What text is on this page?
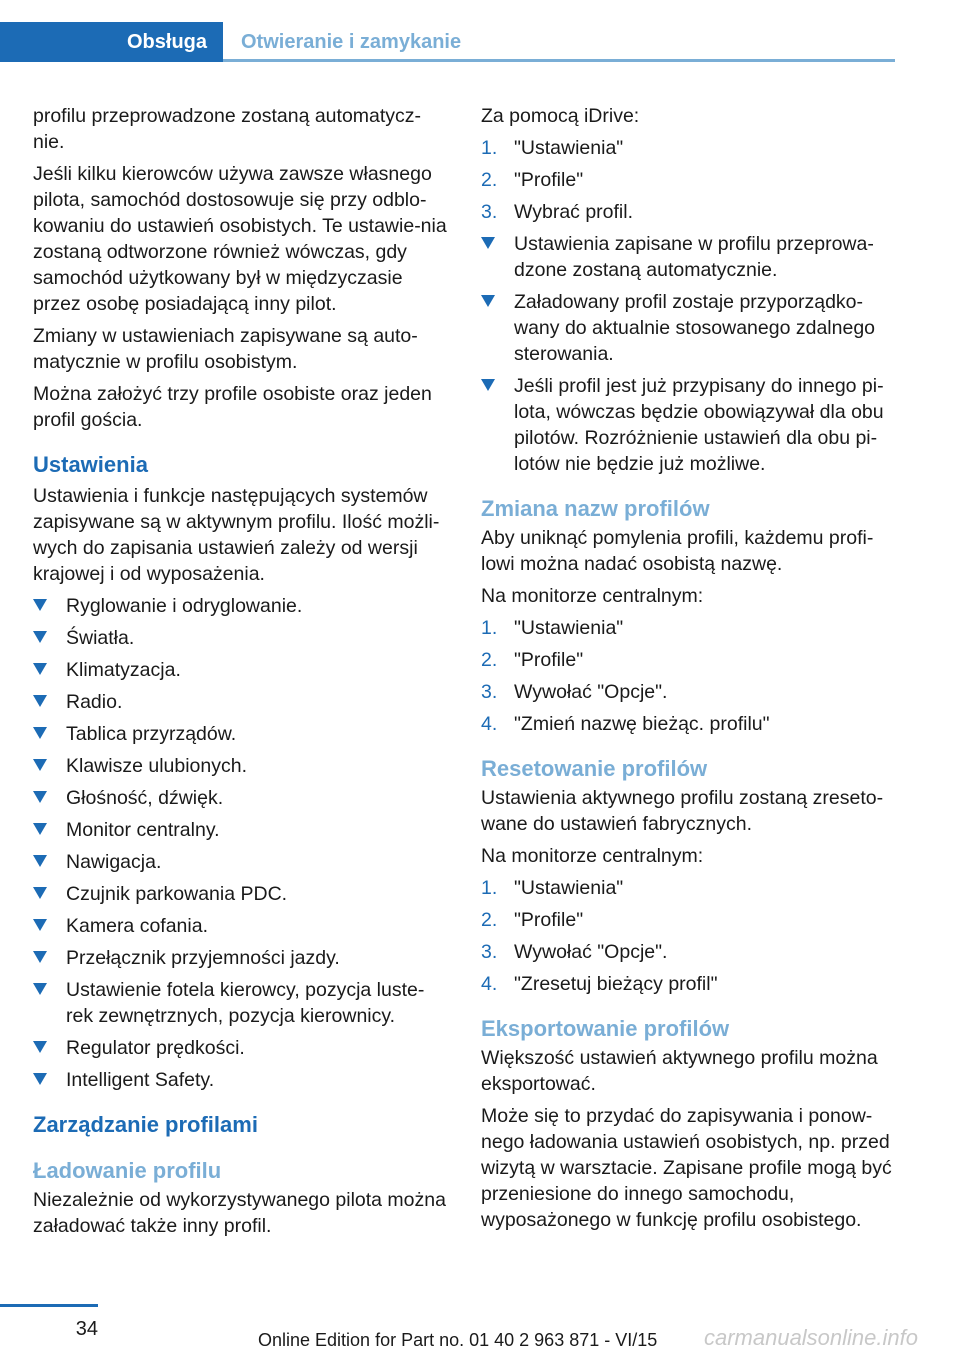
Obsługa	Otwieranie i zamykanie

profilu przeprowadzone zostaną automatycz-nie.

Jeśli kilku kierowców używa zawsze własnego pilota, samochód dostosowuje się przy odblo-kowaniu do ustawień osobistych. Te ustawie-nia zostaną odtworzone również wówczas, gdy samochód użytkowany był w międzyczasie przez osobę posiadającą inny pilot.

Zmiany w ustawieniach zapisywane są auto-matycznie w profilu osobistym.

Można założyć trzy profile osobiste oraz jeden profil gościa.

Ustawienia

Ustawienia i funkcje następujących systemów zapisywane są w aktywnym profilu. Ilość możli-wych do zapisania ustawień zależy od wersji krajowej i od wyposażenia.

Ryglowanie i odryglowanie.
Światła.
Klimatyzacja.
Radio.
Tablica przyrządów.
Klawisze ulubionych.
Głośność, dźwięk.
Monitor centralny.
Nawigacja.
Czujnik parkowania PDC.
Kamera cofania.
Przełącznik przyjemności jazdy.
Ustawienie fotela kierowcy, pozycja luste-rek zewnętrznych, pozycja kierownicy.
Regulator prędkości.
Intelligent Safety.
Zarządzanie profilami
Ładowanie profilu

Niezależnie od wykorzystywanego pilota można załadować także inny profil.

Za pomocą iDrive:

1. "Ustawienia"
2. "Profile"
3. Wybrać profil.
Ustawienia zapisane w profilu przeprowa-dzone zostaną automatycznie.
Załadowany profil zostaje przyporządko-wany do aktualnie stosowanego zdalnego sterowania.
Jeśli profil jest już przypisany do innego pi-lota, wówczas będzie obowiązywał dla obu pilotów. Rozróżnienie ustawień dla obu pi-lotów nie będzie już możliwe.
Zmiana nazw profilów

Aby uniknąć pomylenia profili, każdemu profi-lowi można nadać osobistą nazwę.

Na monitorze centralnym:

1. "Ustawienia"
2. "Profile"
3. Wywołać "Opcje".
4. "Zmień nazwę bieżąc. profilu"
Resetowanie profilów

Ustawienia aktywnego profilu zostaną zreseto-wane do ustawień fabrycznych.

Na monitorze centralnym:

1. "Ustawienia"
2. "Profile"
3. Wywołać "Opcje".
4. "Zresetuj bieżący profil"
Eksportowanie profilów

Większość ustawień aktywnego profilu można eksportować.

Może się to przydać do zapisywania i ponow-nego ładowania ustawień osobistych, np. przed wizytą w warsztacie. Zapisane profile mogą być przeniesione do innego samochodu, wyposażonego w funkcję profilu osobistego.

34	Online Edition for Part no. 01 40 2 963 871 - VI/15 carmanualsonline.info
